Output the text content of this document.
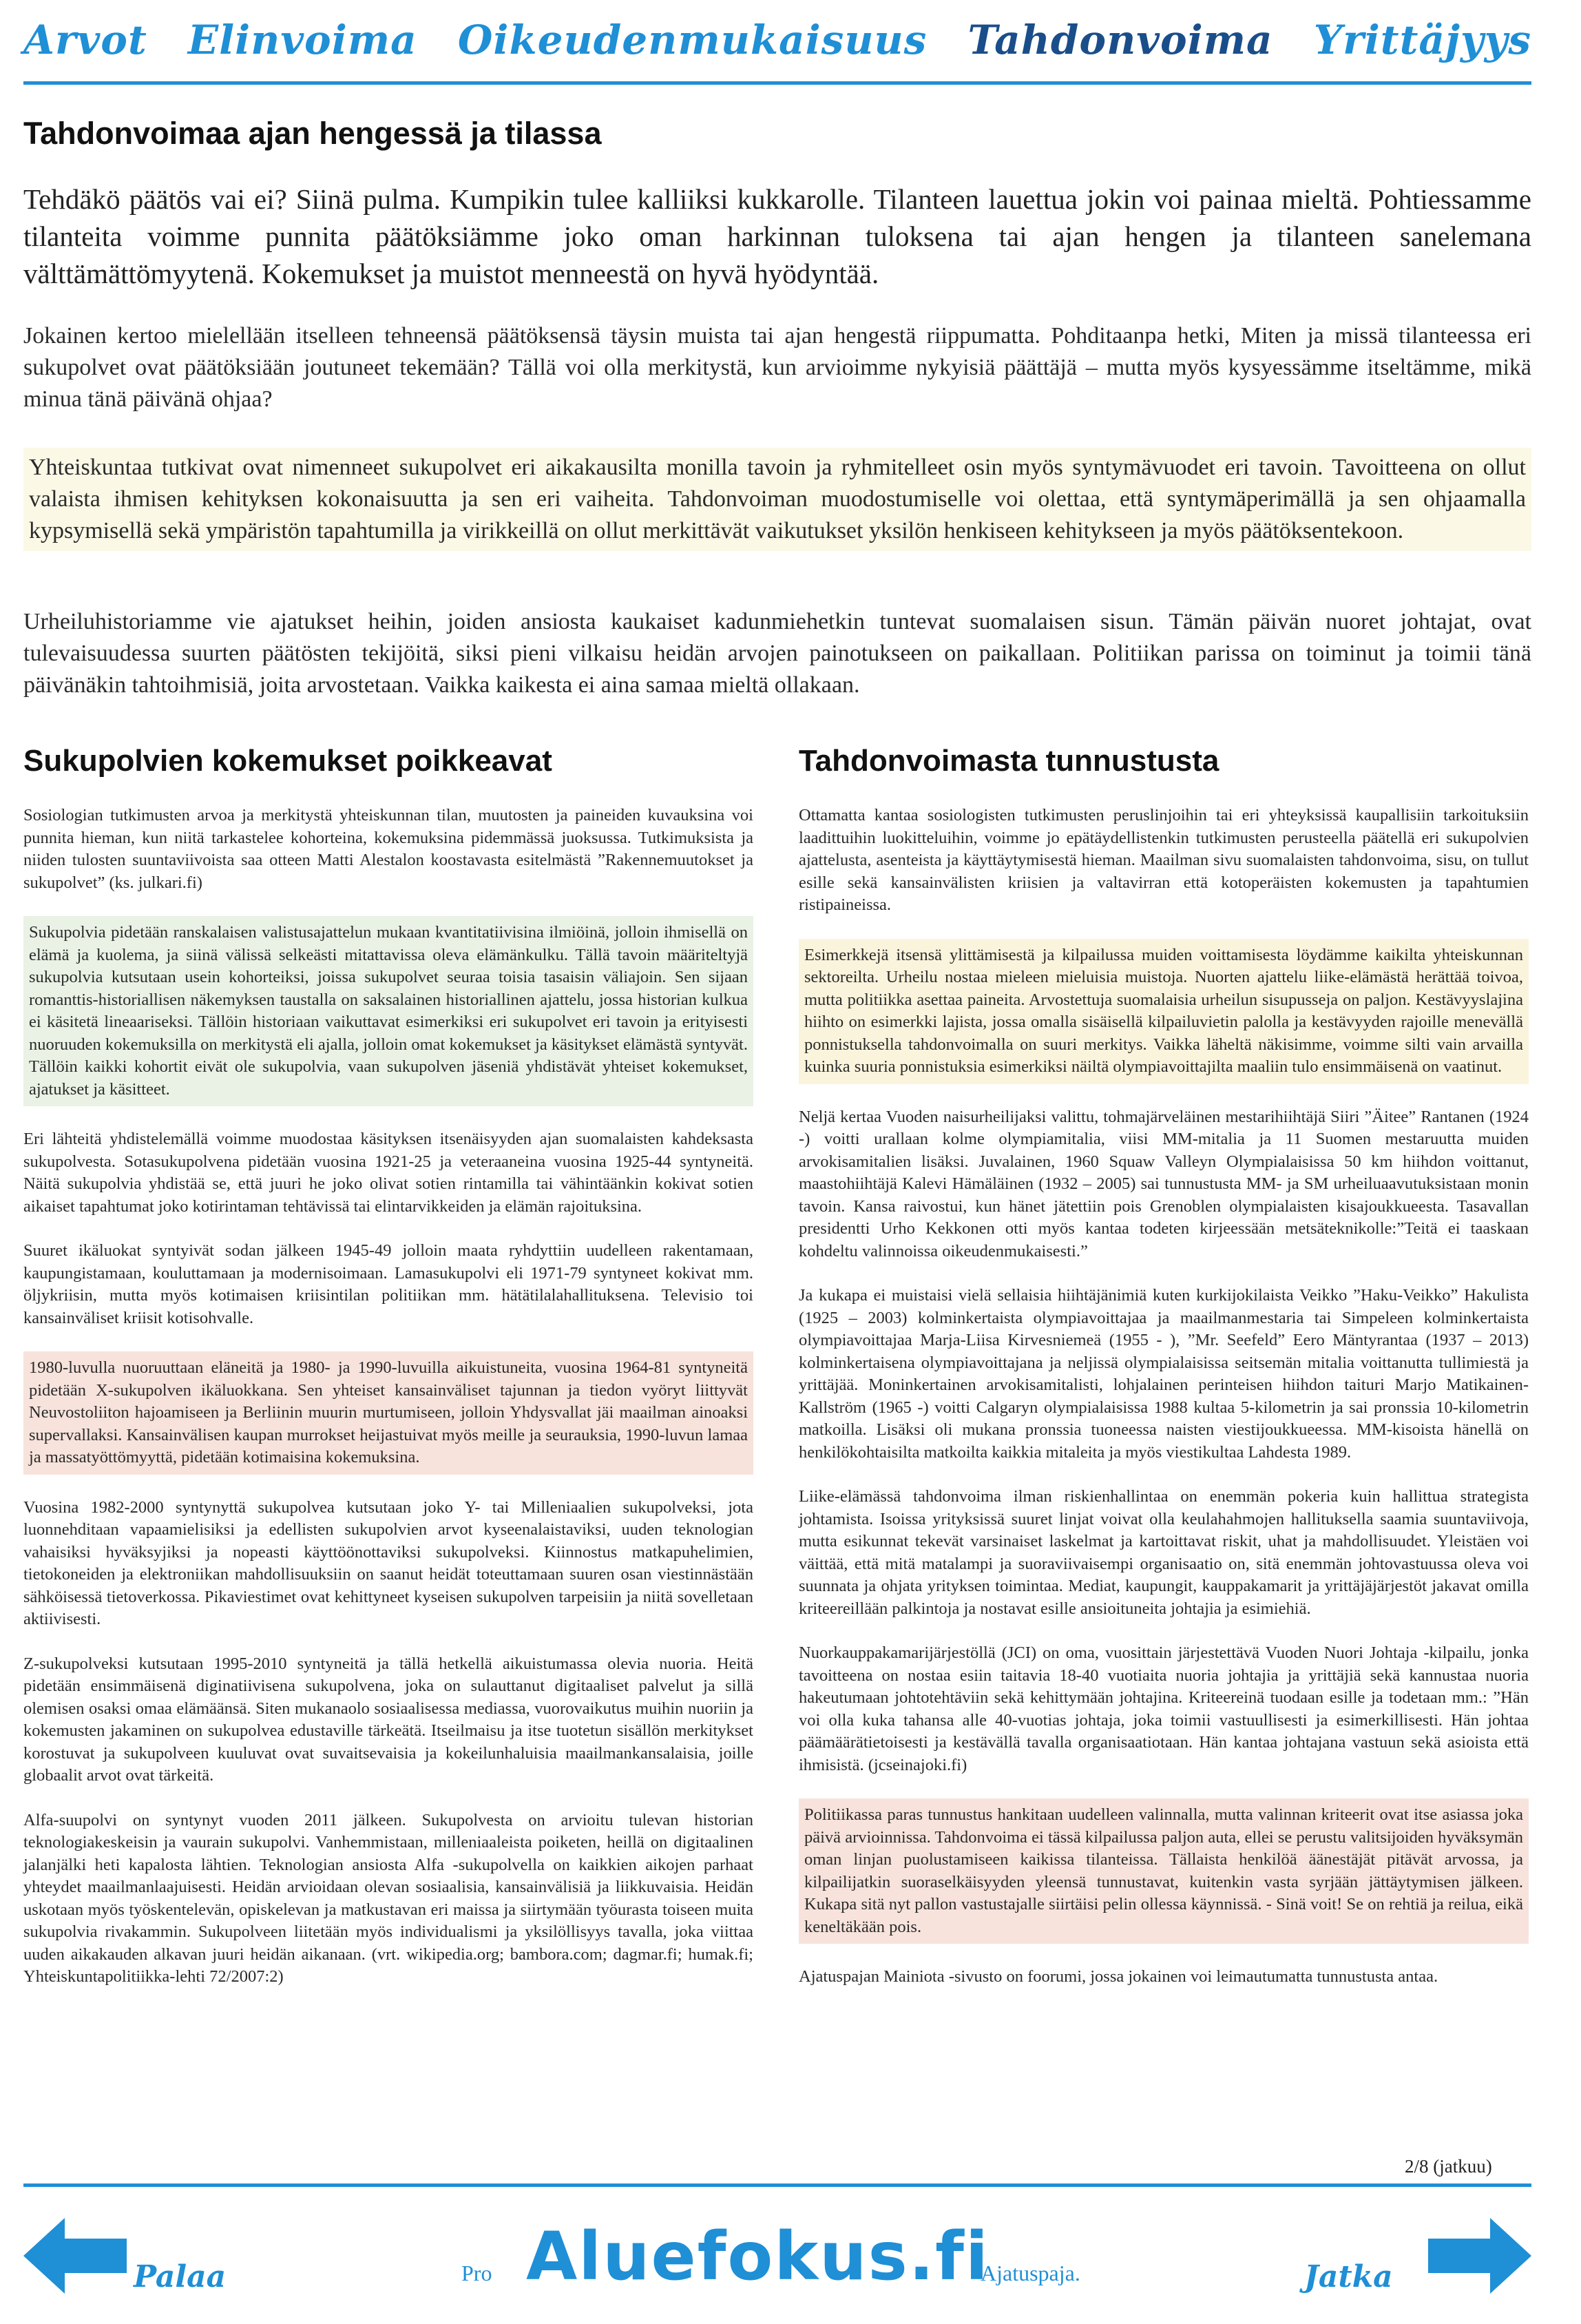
Arvot Elinvoima Oikeudenmukaisuus Tahdonvoima Yrittäjyys
Tahdonvoimaa ajan hengessä ja tilassa
Tehdäkö päätös vai ei? Siinä pulma. Kumpikin tulee kalliiksi kukkarolle. Tilanteen lauettua jokin voi painaa mieltä. Pohtiessamme tilanteita voimme punnita päätöksiämme joko oman harkinnan tuloksena tai ajan hengen ja tilanteen sanelemana välttämättömyytenä. Kokemukset ja muistot menneestä on hyvä hyödyntää.
Jokainen kertoo mielellään itselleen tehneensä päätöksensä täysin muista tai ajan hengestä riippumatta. Pohditaanpa hetki, Miten ja missä tilanteessa eri sukupolvet ovat päätöksiään joutuneet tekemään? Tällä voi olla merkitystä, kun arvioimme nykyisiä päättäjä – mutta myös kysyessämme itseltämme, mikä minua tänä päivänä ohjaa?
Yhteiskuntaa tutkivat ovat nimenneet sukupolvet eri aikakausilta monilla tavoin ja ryhmitelleet osin myös syntymävuodet eri tavoin. Tavoitteena on ollut valaista ihmisen kehityksen kokonaisuutta ja sen eri vaiheita. Tahdonvoiman muodostumiselle voi olettaa, että syntymäperimällä ja sen ohjaamalla kypsymisellä sekä ympäristön tapahtumilla ja virikkeillä on ollut merkittävät vaikutukset yksilön henkiseen kehitykseen ja myös päätöksentekoon.
Urheiluhistoriamme vie ajatukset heihin, joiden ansiosta kaukaiset kadunmiehetkin tuntevat suomalaisen sisun. Tämän päivän nuoret johtajat, ovat tulevaisuudessa suurten päätösten tekijöitä, siksi pieni vilkaisu heidän arvojen painotukseen on paikallaan. Politiikan parissa on toiminut ja toimii tänä päivänäkin tahtoihmisiä, joita arvostetaan. Vaikka kaikesta ei aina samaa mieltä ollakaan.
Sukupolvien kokemukset poikkeavat

Sosiologian tutkimusten arvoa ja merkitystä yhteiskunnan tilan, muutosten ja paineiden kuvauksina voi punnita hieman, kun niitä tarkastelee kohorteina, kokemuksina pidemmässä juoksussa. Tutkimuksista ja niiden tulosten suuntaviivoista saa otteen Matti Alestalon koostavasta esitelmästä ”Rakennemuutokset ja sukupolvet” (ks. julkari.fi)

Sukupolvia pidetään ranskalaisen valistusajattelun mukaan kvantitatiivisina ilmiöinä, jolloin ihmisellä on elämä ja kuolema, ja siinä välissä selkeästi mitattavissa oleva elämänkulku. Tällä tavoin määriteltyjä sukupolvia kutsutaan usein kohorteiksi, joissa sukupolvet seuraa toisia tasaisin väliajoin. Sen sijaan romanttis-historiallisen näkemyksen taustalla on saksalainen historiallinen ajattelu, jossa historian kulkua ei käsitetä lineaariseksi. Tällöin historiaan vaikuttavat esimerkiksi eri sukupolvet eri tavoin ja erityisesti nuoruuden kokemuksilla on merkitystä eli ajalla, jolloin omat kokemukset ja käsitykset elämästä syntyvät. Tällöin kaikki kohortit eivät ole sukupolvia, vaan sukupolven jäseniä yhdistävät yhteiset kokemukset, ajatukset ja käsitteet.

Eri lähteitä yhdistelemällä voimme muodostaa käsityksen itsenäisyyden ajan suomalaisten kahdeksasta sukupolvesta. Sotasukupolvena pidetään vuosina 1921-25 ja veteraaneina vuosina 1925-44 syntyneitä. Näitä sukupolvia yhdistää se, että juuri he joko olivat sotien rintamilla tai vähintäänkin kokivat sotien aikaiset tapahtumat joko kotirintaman tehtävissä tai elintarvikkeiden ja elämän rajoituksina.

Suuret ikäluokat syntyivät sodan jälkeen 1945-49 jolloin maata ryhdyttiin uudelleen rakentamaan, kaupungistamaan, kouluttamaan ja modernisoimaan. Lamasukupolvi eli 1971-79 syntyneet kokivat mm. öljykriisin, mutta myös kotimaisen kriisintilan politiikan mm. hätätilalahallituksena. Televisio toi kansainväliset kriisit kotisohvalle.

1980-luvulla nuoruuttaan eläneitä ja 1980- ja 1990-luvuilla aikuistuneita, vuosina 1964-81 syntyneitä pidetään X-sukupolven ikäluokkana. Sen yhteiset kansainväliset tajunnan ja tiedon vyöryt liittyvät Neuvostoliiton hajoamiseen ja Berliinin muurin murtumiseen, jolloin Yhdysvallat jäi maailman ainoaksi supervallaksi. Kansainvälisen kaupan murrokset heijastuivat myös meille ja seurauksia, 1990-luvun lamaa ja massatyöttömyyttä, pidetään kotimaisina kokemuksina.

Vuosina 1982-2000 syntynyttä sukupolvea kutsutaan joko Y- tai Milleniaalien sukupolveksi, jota luonnehditaan vapaamielisiksi ja edellisten sukupolvien arvot kyseenalaistaviksi, uuden teknologian vahaisiksi hyväksyjiksi ja nopeasti käyttöönottaviksi sukupolveksi. Kiinnostus matkapuhelimien, tietokoneiden ja elektroniikan mahdollisuuksiin on saanut heidät toteuttamaan suuren osan viestinnästään sähköisessä tietoverkossa. Pikaviestimet ovat kehittyneet kyseisen sukupolven tarpeisiin ja niitä sovelletaan aktiivisesti.

Z-sukupolveksi kutsutaan 1995-2010 syntyneitä ja tällä hetkellä aikuistumassa olevia nuoria. Heitä pidetään ensimmäisenä diginatiivisena sukupolvena, joka on sulauttanut digitaaliset palvelut ja sillä olemisen osaksi omaa elämäänsä. Siten mukanaolo sosiaalisessa mediassa, vuorovaikutus muihin nuoriin ja kokemusten jakaminen on sukupolvea edustaville tärkeätä. Itseilmaisu ja itse tuotetun sisällön merkitykset korostuvat ja sukupolveen kuuluvat ovat suvaitsevaisia ja kokeilunhaluisia maailmankansalaisia, joille globaalit arvot ovat tärkeitä.

Alfa-suupolvi on syntynyt vuoden 2011 jälkeen. Sukupolvesta on arvioitu tulevan historian teknologiakeskeisin ja vaurain sukupolvi. Vanhemmistaan, milleniaaleista poiketen, heillä on digitaalinen jalanjälki heti kapalosta lähtien. Teknologian ansiosta Alfa -sukupolvella on kaikkien aikojen parhaat yhteydet maailmanlaajuisesti. Heidän arvioidaan olevan sosiaalisia, kansainvälisiä ja liikkuvaisia. Heidän uskotaan myös työskentelevän, opiskelevan ja matkustavan eri maissa ja siirtymään työurasta toiseen muita sukupolvia rivakammin. Sukupolveen liitetään myös individualismi ja yksilöllisyys tavalla, joka viittaa uuden aikakauden alkavan juuri heidän aikanaan. (vrt. wikipedia.org; bambora.com; dagmar.fi; humak.fi; Yhteiskuntapolitiikka-lehti 72/2007:2)

Tahdonvoimasta tunnustusta

Ottamatta kantaa sosiologisten tutkimusten peruslinjoihin tai eri yhteyksissä kaupallisiin tarkoituksiin laadittuihin luokitteluihin, voimme jo epätäydellistenkin tutkimusten perusteella päätellä eri sukupolvien ajattelusta, asenteista ja käyttäytymisestä hieman. Maailman sivu suomalaisten tahdonvoima, sisu, on tullut esille sekä kansainvälisten kriisien ja valtavirran että kotoperäisten kokemusten ja tapahtumien ristipaineissa.

Esimerkkejä itsensä ylittämisestä ja kilpailussa muiden voittamisesta löydämme kaikilta yhteiskunnan sektoreilta. Urheilu nostaa mieleen mieluisia muistoja. Nuorten ajattelu liike-elämästä herättää toivoa, mutta politiikka asettaa paineita. Arvostettuja suomalaisia urheilun sisupusseja on paljon. Kestävyyslajina hiihto on esimerkki lajista, jossa omalla sisäisellä kilpailuvietin palolla ja kestävyyden rajoille menevällä ponnistuksella tahdonvoimalla on suuri merkitys. Vaikka läheltä näkisimme, voimme silti vain arvailla kuinka suuria ponnistuksia esimerkiksi näiltä olympiavoittajilta maaliin tulo ensimmäisenä on vaatinut.

Neljä kertaa Vuoden naisurheilijaksi valittu, tohmajärveläinen mestarihiihtäjä Siiri ”Äitee” Rantanen (1924 -) voitti urallaan kolme olympiamitalia, viisi MM-mitalia ja 11 Suomen mestaruutta muiden arvokisamitalien lisäksi. Juvalainen, 1960 Squaw Valleyn Olympialaisissa 50 km hiihdon voittanut, maastohiihtäjä Kalevi Hämäläinen (1932 – 2005) sai tunnustusta MM- ja SM urheiluaavutuksistaan monin tavoin. Kansa raivostui, kun hänet jätettiin pois Grenoblen olympialaisten kisajoukkueesta. Tasavallan presidentti Urho Kekkonen otti myös kantaa todeten kirjeessään metsäteknikolle:”Teitä ei taaskaan kohdeltu valinnoissa oikeudenmukaisesti.”

Ja kukapa ei muistaisi vielä sellaisia hiihtäjänimiä kuten kurkijokilaista Veikko ”Haku-Veikko” Hakulista (1925 – 2003) kolminkertaista olympiavoittajaa ja maailmanmestaria tai Simpeleen kolminkertaista olympiavoittajaa Marja-Liisa Kirvesniemeä (1955 - ), ”Mr. Seefeld” Eero Mäntyrantaa (1937 – 2013) kolminkertaisena olympiavoittajana ja neljissä olympialaisissa seitsemän mitalia voittanutta tullimiestä ja yrittäjää. Moninkertainen arvokisamitalisti, lohjalainen perinteisen hiihdon taituri Marjo Matikainen-Kallström (1965 -) voitti Calgaryn olympialaisissa 1988 kultaa 5-kilometrin ja sai pronssia 10-kilometrin matkoilla. Lisäksi oli mukana pronssia tuoneessa naisten viestijoukkueessa. MM-kisoista hänellä on henkilökohtaisilta matkoilta kaikkia mitaleita ja myös viestikultaa Lahdesta 1989.

Liike-elämässä tahdonvoima ilman riskienhallintaa on enemmän pokeria kuin hallittua strategista johtamista. Isoissa yrityksissä suuret linjat voivat olla keulahahmojen hallituksella saamia suuntaviivoja, mutta esikunnat tekevät varsinaiset laskelmat ja kartoittavat riskit, uhat ja mahdollisuudet. Yleistäen voi väittää, että mitä matalampi ja suoraviivaisempi organisaatio on, sitä enemmän johtovastuussa oleva voi suunnata ja ohjata yrityksen toimintaa. Mediat, kaupungit, kauppakamarit ja yrittäjäjärjestöt jakavat omilla kriteereillään palkintoja ja nostavat esille ansioituneita johtajia ja esimiehiä.

Nuorkauppakamarijärjestöllä (JCI) on oma, vuosittain järjestettävä Vuoden Nuori Johtaja -kilpailu, jonka tavoitteena on nostaa esiin taitavia 18-40 vuotiaita nuoria johtajia ja yrittäjiä sekä kannustaa nuoria hakeutumaan johtotehtäviin sekä kehittymään johtajina. Kriteereinä tuodaan esille ja todetaan mm.: ”Hän voi olla kuka tahansa alle 40-vuotias johtaja, joka toimii vastuullisesti ja esimerkillisesti. Hän johtaa päämäärätietoisesti ja kestävällä tavalla organisaatiotaan. Hän kantaa johtajana vastuun sekä asioista että ihmisistä. (jcseinajoki.fi)

Politiikassa paras tunnustus hankitaan uudelleen valinnalla, mutta valinnan kriteerit ovat itse asiassa joka päivä arvioinnissa. Tahdonvoima ei tässä kilpailussa paljon auta, ellei se perustu valitsijoiden hyväksymän oman linjan puolustamiseen kaikissa tilanteissa. Tällaista henkilöä äänestäjät pitävät arvossa, ja kilpailijatkin suoraselkäisyyden yleensä tunnustavat, kuitenkin vasta syrjään jättäytymisen jälkeen. Kukapa sitä nyt pallon vastustajalle siirtäisi pelin ollessa käynnissä. - Sinä voit! Se on rehtiä ja reilua, eikä keneltäkään pois.

Ajatuspajan Mainiota -sivusto on foorumi, jossa jokainen voi leimautumatta tunnustusta antaa.

2/8 (jatkuu)
Palaa	Pro Aluefokus.fi
Ajatuspaja.	Jatka
